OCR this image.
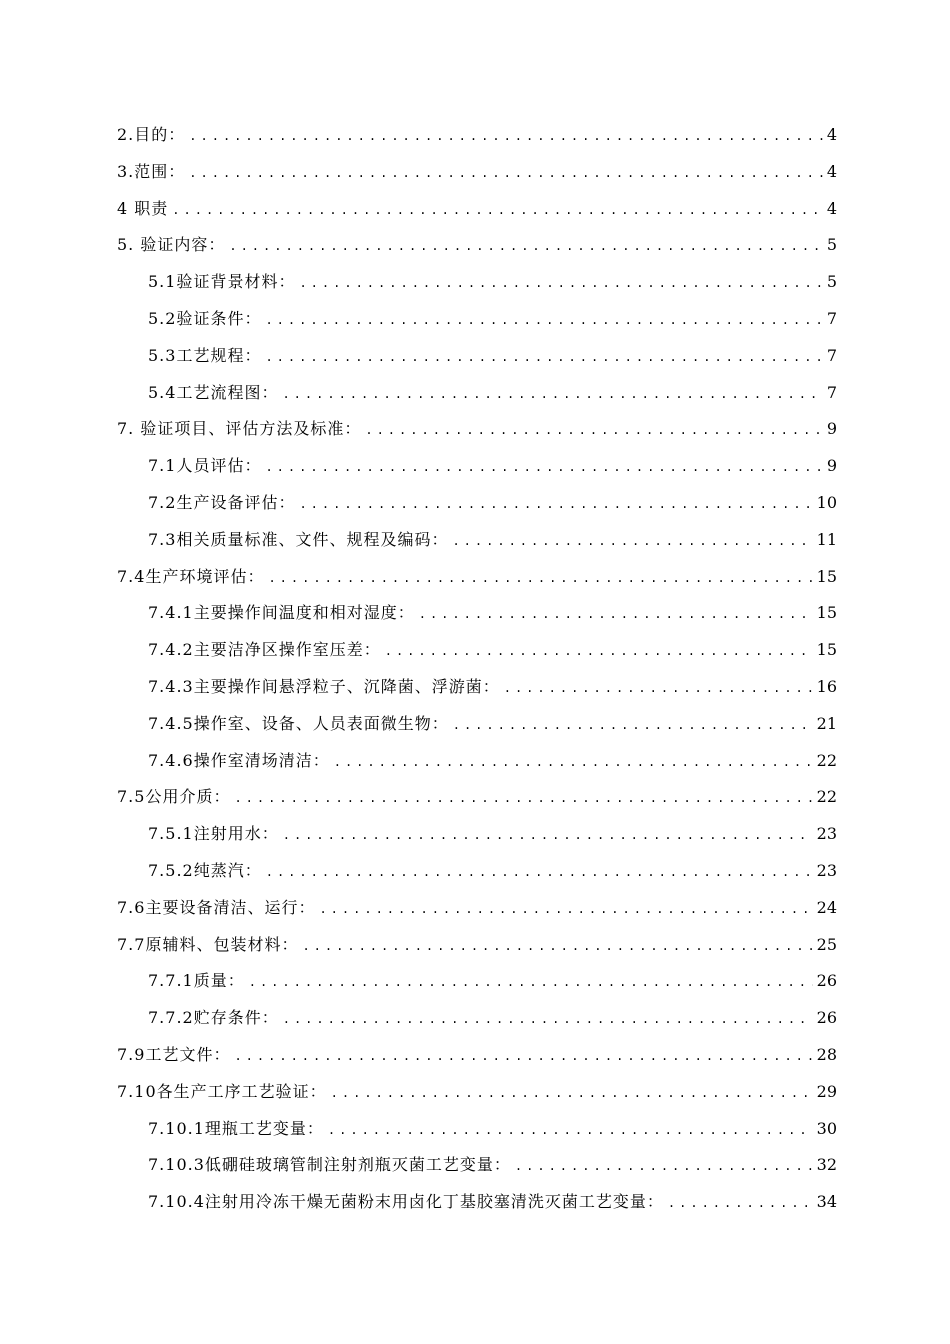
2.目的： .....	4
3.范围： .....	4
4 职责 .....	4
5. 验证内容： .....	5
5.1验证背景材料： .....	5
5.2验证条件： .....	7
5.3工艺规程： .....	7
5.4工艺流程图： .....	7
7. 验证项目、评估方法及标准： .....	9
7.1人员评估： .....	9
7.2生产设备评估： .....	10
7.3相关质量标准、文件、规程及编码： .....	11
7.4生产环境评估： .....	15
7.4.1主要操作间温度和相对湿度： .....	15
7.4.2主要洁净区操作室压差： .....	15
7.4.3主要操作间悬浮粒子、沉降菌、浮游菌： .....	16
7.4.5操作室、设备、人员表面微生物： .....	21
7.4.6操作室清场清洁： .....	22
7.5公用介质： .....	22
7.5.1注射用水： .....	23
7.5.2纯蒸汽： .....	23
7.6主要设备清洁、运行： .....	24
7.7原辅料、包装材料： .....	25
7.7.1质量： .....	26
7.7.2贮存条件： .....	26
7.9工艺文件： .....	28
7.10各生产工序工艺验证： .....	29
7.10.1理瓶工艺变量： .....	30
7.10.3低硼硅玻璃管制注射剂瓶灭菌工艺变量： .....	32
7.10.4注射用冷冻干燥无菌粉末用卤化丁基胶塞清洗灭菌工艺变量： .....	34
